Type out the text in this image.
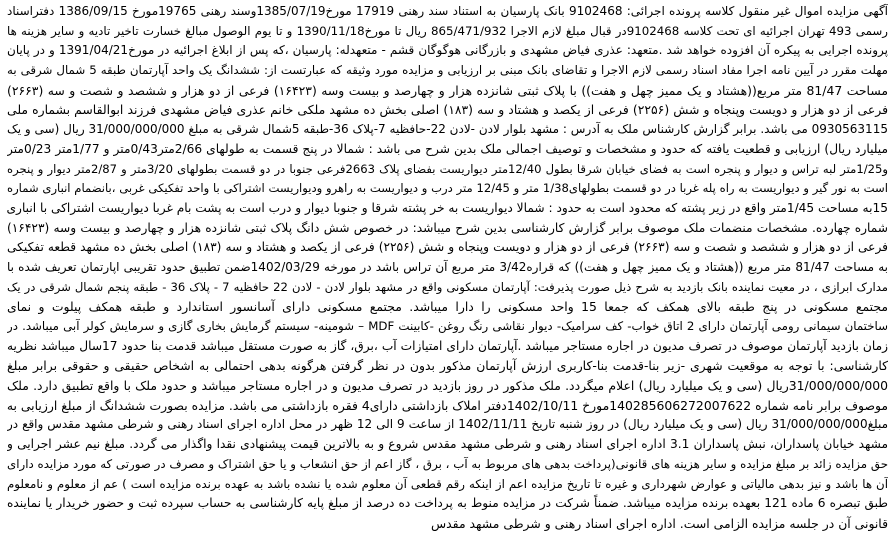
آگهی مزایده اموال غیر منقول کلاسه پرونده اجرائی: 9102468 بانک پارسیان به استناد سند رهنی 17919 مورخ1385/07/19وسند رهنی 19765مورخ 1386/09/15 دفتراسناد
رسمی 493 تهران اجرائیه ای تحت کلاسه 9102468در قبال مبلغ لازم الاجرا 865/471/932 ریال تا مورخ1390/11/18 و تا یوم الوصول مبالغ خسارت تاخیر تادیه و سایر هزینه ها
پرونده اجرایی به پیکره آن افزوده خواهد شد .متعهد: عذری فیاض مشهدی و بازرگانی هوگوگان قشم - متعهدله: پارسیان ،که پس از ابلاغ اجرائیه در مورخ1391/04/21 و در پایان
مهلت مقرر در آیین نامه اجرا مفاد اسناد رسمی لازم الاجرا و تقاضای بانک مبنی بر ارزیابی و مزایده مورد وثیقه که عبارتست از: ششدانگ یک واحد آپارتمان طبقه 5 شمال شرقی به
مساحت 81/47 متر مربع((هشتاد و یک ممیز چهل و هفت)) با پلاک ثبتی شانزده هزار و چهارصد و بیست وسه (۱۶۴۲۳) فرعی از دو هزار و ششصد و شصت و سه (۲۶۶۳)
فرعی از دو هزار و دویست وپنجاه و شش (۲۲۵۶) فرعی از یکصد و هشتاد و سه (۱۸۳) اصلی بخش ده مشهد ملکی خانم عذری فیاض مشهدی فرزند ابوالقاسم بشماره ملی
0930563115 می باشد. برابر گزارش کارشناس ملک به آدرس : مشهد بلوار لادن -لادن 22-حافظیه 7-پلاک 36-طبقه 5شمال شرقی به مبلغ 31/000/000/000 ریال (سی و یک
میلیارد ریال) ارزیابی و قطعیت یافته که حدود و مشخصات و توصیف اجمالی ملک بدین شرح می باشد : شمالا در پنج قسمت به طولهای 2/66متر0/43متر و 1/77متر 0/23متر
و1/25متر لبه تراس و دیوار و پنجره است به فضای خیابان شرقا بطول 12/40متر دیواریست بفضای پلاک 2663فرعی جنوبا در دو قسمت بطولهای 3/20متر و 2/87متر دیوار و پنجره
است به نور گیر و دیواریست به راه پله غربا در دو قسمت بطولهای1/38 متر و 12/45 متر درب و دیواریست به راهرو ودیواریست اشتراکی با واحد تفکیکی غربی ،بانضمام انباری شماره
15به مساحت 1/45متر واقع در زیر پشته که محدود است به حدود : شمالا دیواریست به خر پشته شرقا و جنوبا دیوار و درب است به پشت بام غربا دیواریست اشتراکی با انباری
شماره چهارده. مشخصات منضمات ملک موصوف برابر گزارش کارشناسی بدین شرح میباشد: در خصوص شش دانگ پلاک ثبتی شانزده هزار و چهارصد و بیست وسه (۱۶۴۲۳)
فرعی از دو هزار و ششصد و شصت و سه (۲۶۶۳) فرعی از دو هزار و دویست وپنجاه و شش (۲۲۵۶) فرعی از یکصد و هشتاد و سه (۱۸۳) اصلی بخش ده مشهد قطعه تفکیکی
به مساحت 81/47 متر مربع ((هشتاد و یک ممیز چهل و هفت)) که قراره3/42 متر مربع آن تراس باشد در مورخه 1402/03/29ضمن تطبیق حدود تقریبی اپارتمان تعریف شده با
مدارک ابرازی ، در معیت نماینده بانک بازدید به شرح ذیل صورت پذیرفت: آپارتمان مسکونی واقع در مشهد بلوار لادن - لادن 22 حافظیه 7 - پلاک 36 - طبقه پنجم شمال شرقی در یک
مجتمع مسکونی در پنج طبقه بالای همکف که جمعا 15 واحد مسکونی را دارا میباشد. مجتمع مسکونی دارای آسانسور استاندارد و طبقه همکف پیلوت و نمای
ساختمان سیمانی رومی آپارتمان دارای 2 اتاق خواب- کف سرامیک- دیوار نقاشی رنگ روغن -کابینت MDF – شومینه- سیستم گرمایش بخاری گازی و سرمایش کولر آبی میباشد. در
زمان بازدید آپارتمان موصوف در تصرف مدیون در اجاره مستاجر میباشد .آپارتمان دارای امتیازات آب ،برق، گاز به صورت مستقل میباشد قدمت بنا حدود 17سال میباشد نظریه
کارشناسی: با توجه به موقعیت شهری -زیر بنا-قدمت بنا-کاربری ارزش آپارتمان مذکور بدون در نظر گرفتن هرگونه بدهی احتمالی به اشخاص حقیقی و حقوقی برابر مبلغ
31/000/000/000ریال (سی و یک میلیارد ریال) اعلام میگردد. ملک مذکور در روز بازدید در تصرف مدیون و در اجاره مستاجر میباشد و حدود ملک با واقع تطبیق دارد. ملک
موصوف برابر نامه شماره 140285606272007622مورخ 1402/10/11دفتر املاک بازداشتی دارای4 فقره بازداشتی می باشد. مزایده بصورت ششدانگ از مبلغ ارزیابی به
مبلغ31/000/000/000 ریال (سی و یک میلیارد ریال) در روز شنبه تاریخ 1402/11/11 از ساعت 9 الی 12 ظهر در محل اداره اجرای اسناد رهنی و شرطی مشهد مقدس واقع در
مشهد خیابان پاسداران، نبش پاسداران 3.1 اداره اجرای اسناد رهنی و شرطی مشهد مقدس شروع و به بالاترین قیمت پیشنهادی نقدا واگذار می گردد. مبلغ نیم عشر اجرایی و
حق مزایده زائد بر مبلغ مزایده و سایر هزینه های قانونی(پرداخت بدهی های مربوط به آب ، برق ، گاز اعم از حق انشعاب و یا حق اشتراک و مصرف در صورتی که مورد مزایده دارای
آن ها باشد و نیز بدهی مالیاتی و عوارض شهرداری و غیره تا تاریخ مزایده اعم از اینکه رقم قطعی آن معلوم شده یا نشده باشد به عهده برنده مزایده است ) عم از معلوم و نامعلوم
طبق تبصره 6 ماده 121 بعهده برنده مزایده میباشد. ضمناً شرکت در مزایده منوط به پرداخت ده درصد از مبلغ پایه کارشناسی به حساب سپرده ثبت و حضور خریدار یا نماینده
قانونی آن در جلسه مزایده الزامی است. اداره اجرای اسناد رهنی و شرطی مشهد مقدس
